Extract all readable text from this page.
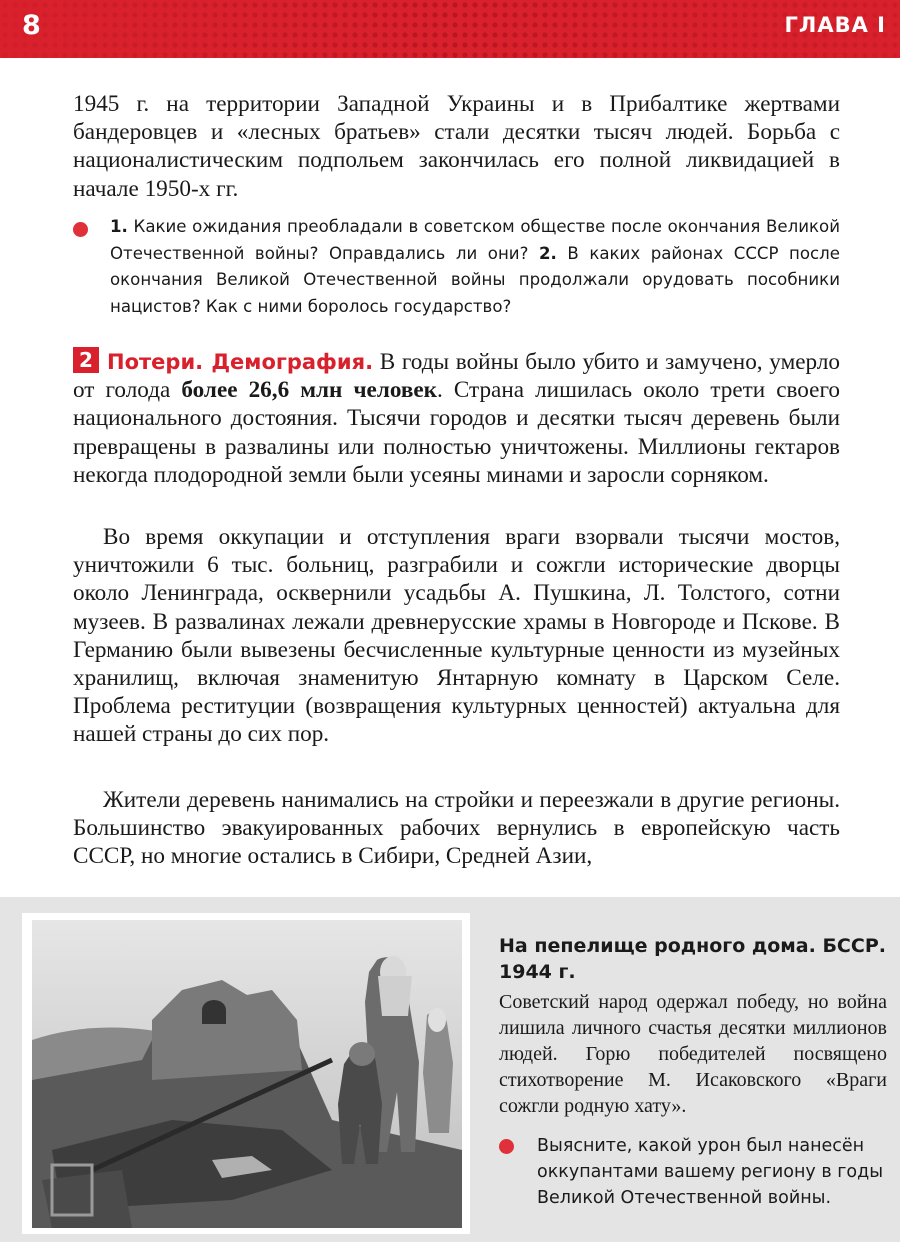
8	ГЛАВА I

1945 г. на территории Западной Украины и в Прибалтике жертвами бандеровцев и «лесных братьев» стали десятки тысяч людей. Борьба с националистическим подпольем закончилась его полной ликвидацией в начале 1950-х гг.

1. Какие ожидания преобладали в советском обществе после окончания Великой Отечественной войны? Оправдались ли они? 2. В каких районах СССР после окончания Великой Отечественной войны продолжали орудовать пособники нацистов? Как с ними боролось государство?

2 Потери. Демография. В годы войны было убито и замучено, умерло от голода более 26,6 млн человек. Страна лишилась около трети своего национального достояния. Тысячи городов и десятки тысяч деревень были превращены в развалины или полностью уничтожены. Миллионы гектаров некогда плодородной земли были усеяны минами и заросли сорняком.

Во время оккупации и отступления враги взорвали тысячи мостов, уничтожили 6 тыс. больниц, разграбили и сожгли исторические дворцы около Ленинграда, осквернили усадьбы А. Пушкина, Л. Толстого, сотни музеев. В развалинах лежали древнерусские храмы в Новгороде и Пскове. В Германию были вывезены бесчисленные культурные ценности из музейных хранилищ, включая знаменитую Янтарную комнату в Царском Селе. Проблема реституции (возвращения культурных ценностей) актуальна для нашей страны до сих пор.

Жители деревень нанимались на стройки и переезжали в другие регионы. Большинство эвакуированных рабочих вернулись в европейскую часть СССР, но многие остались в Сибири, Средней Азии,

На пепелище родного дома. БССР. 1944 г.

Советский народ одержал победу, но война лишила личного счастья десятки миллионов людей. Горю победителей посвящено стихотворение М. Исаковского «Враги сожгли родную хату».

Выясните, какой урон был нанесён оккупантами вашему региону в годы Великой Отечественной войны.
